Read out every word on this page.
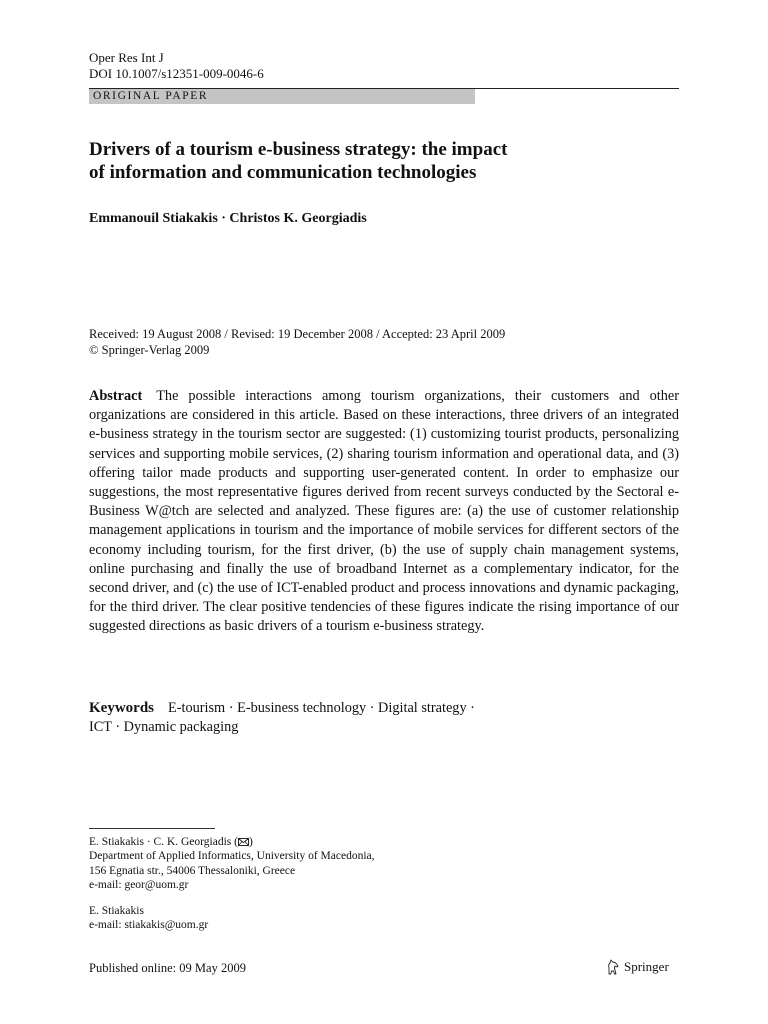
Oper Res Int J
DOI 10.1007/s12351-009-0046-6
ORIGINAL PAPER
Drivers of a tourism e-business strategy: the impact
of information and communication technologies
Emmanouil Stiakakis · Christos K. Georgiadis
Received: 19 August 2008 / Revised: 19 December 2008 / Accepted: 23 April 2009
© Springer-Verlag 2009
Abstract The possible interactions among tourism organizations, their customers and other organizations are considered in this article. Based on these interactions, three drivers of an integrated e-business strategy in the tourism sector are suggested: (1) customizing tourist products, personalizing services and supporting mobile services, (2) sharing tourism information and operational data, and (3) offering tailor made products and supporting user-generated content. In order to emphasize our suggestions, the most representative figures derived from recent surveys conducted by the Sectoral e-Business W@tch are selected and analyzed. These figures are: (a) the use of customer relationship management applications in tourism and the importance of mobile services for different sectors of the economy including tourism, for the first driver, (b) the use of supply chain management systems, online purchasing and finally the use of broadband Internet as a complementary indicator, for the second driver, and (c) the use of ICT-enabled product and process innovations and dynamic packaging, for the third driver. The clear positive tendencies of these figures indicate the rising importance of our suggested directions as basic drivers of a tourism e-business strategy.
Keywords E-tourism · E-business technology · Digital strategy ·
ICT · Dynamic packaging
E. Stiakakis · C. K. Georgiadis ( )
Department of Applied Informatics, University of Macedonia,
156 Egnatia str., 54006 Thessaloniki, Greece
e-mail: geor@uom.gr
E. Stiakakis
e-mail: stiakakis@uom.gr
Published online: 09 May 2009	Springer
